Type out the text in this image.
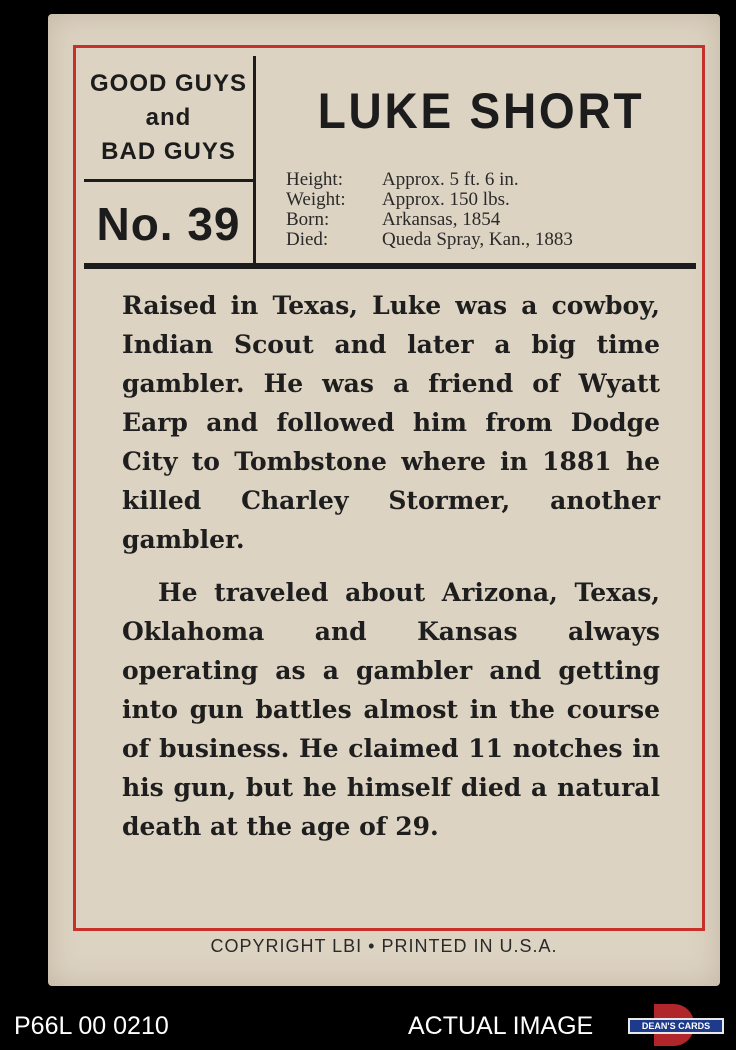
GOOD GUYS
and
BAD GUYS
No. 39
LUKE SHORT
Height:	Approx. 5 ft. 6 in.
Weight:	Approx. 150 lbs.
Born:	Arkansas, 1854
Died:	Queda Spray, Kan., 1883

Raised in Texas, Luke was a cowboy, Indian Scout and later a big time gambler. He was a friend of Wyatt Earp and followed him from Dodge City to Tombstone where in 1881 he killed Charley Stormer, another gambler.

He traveled about Arizona, Texas, Oklahoma and Kansas always operating as a gambler and getting into gun battles almost in the course of business. He claimed 11 notches in his gun, but he himself died a natural death at the age of 29.

COPYRIGHT LBI • PRINTED IN U.S.A.
P66L 00 0210	ACTUAL IMAGE	DEAN'S CARDS
